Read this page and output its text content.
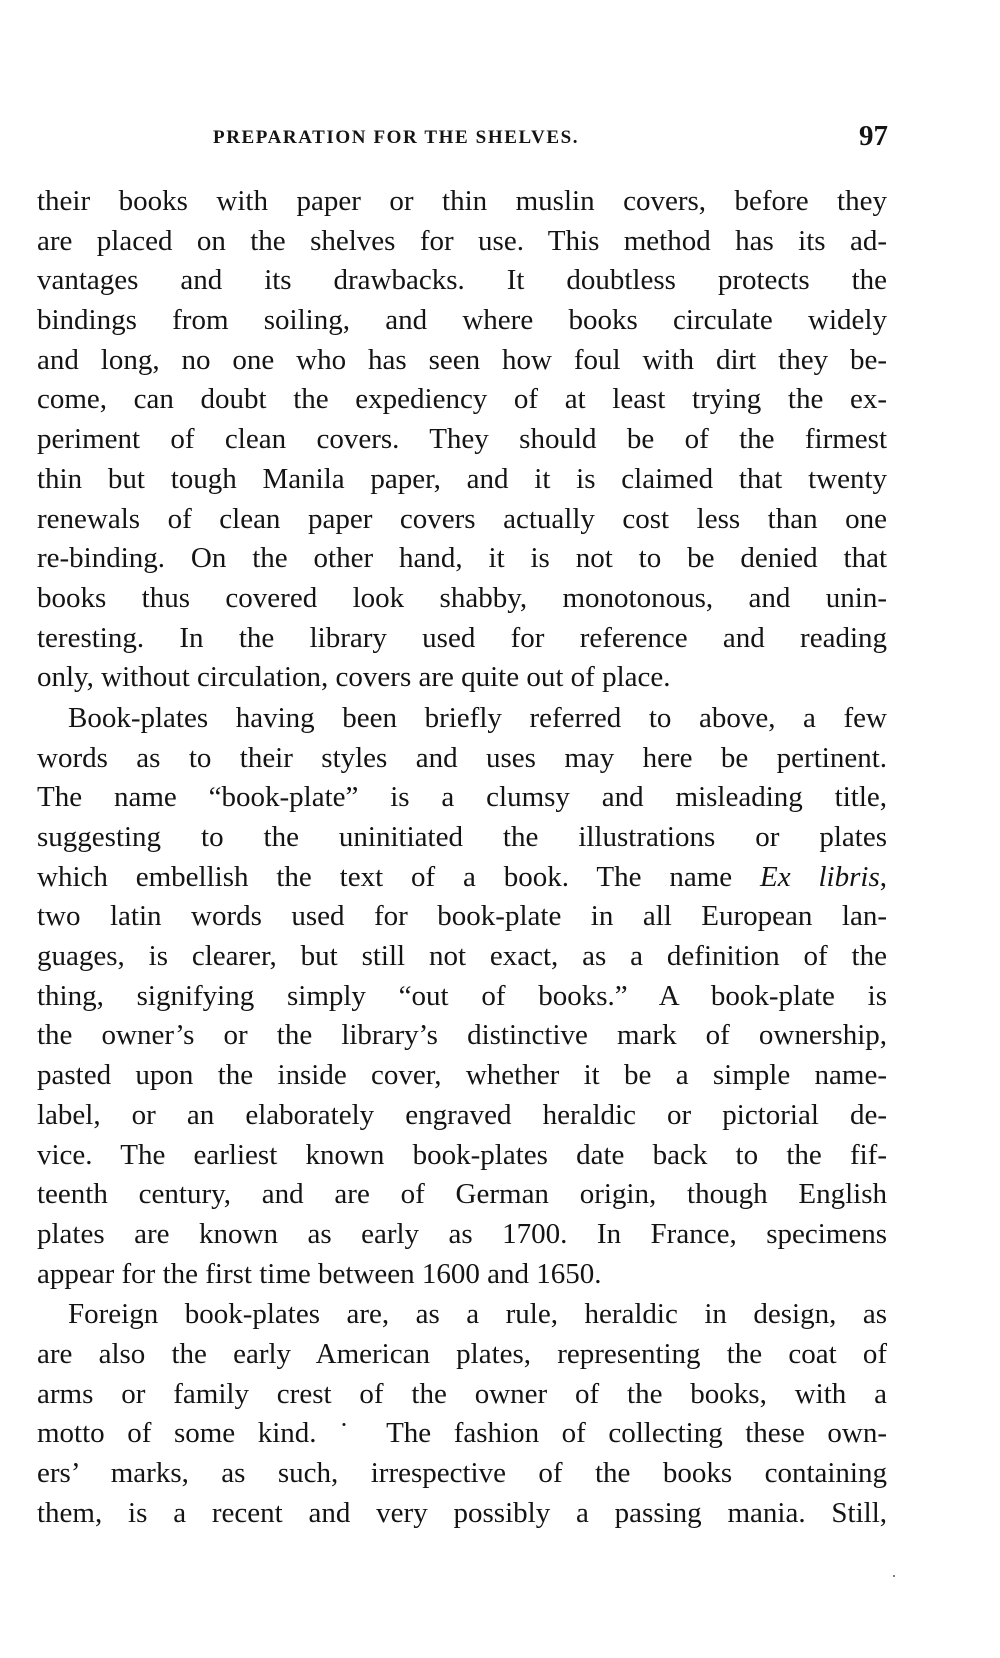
PREPARATION FOR THE SHELVES.	97
their books with paper or thin muslin covers, before they
are placed on the shelves for use. This method has its ad-
vantages and its drawbacks. It doubtless protects the
bindings from soiling, and where books circulate widely
and long, no one who has seen how foul with dirt they be-
come, can doubt the expediency of at least trying the ex-
periment of clean covers. They should be of the firmest
thin but tough Manila paper, and it is claimed that twenty
renewals of clean paper covers actually cost less than one
re-binding. On the other hand, it is not to be denied that
books thus covered look shabby, monotonous, and unin-
teresting. In the library used for reference and reading
only, without circulation, covers are quite out of place.
Book-plates having been briefly referred to above, a few
words as to their styles and uses may here be pertinent.
The name “book-plate” is a clumsy and misleading title,
suggesting to the uninitiated the illustrations or plates
which embellish the text of a book. The name Ex libris,
two latin words used for book-plate in all European lan-
guages, is clearer, but still not exact, as a definition of the
thing, signifying simply “out of books.” A book-plate is
the owner’s or the library’s distinctive mark of ownership,
pasted upon the inside cover, whether it be a simple name-
label, or an elaborately engraved heraldic or pictorial de-
vice. The earliest known book-plates date back to the fif-
teenth century, and are of German origin, though English
plates are known as early as 1700. In France, specimens
appear for the first time between 1600 and 1650.
Foreign book-plates are, as a rule, heraldic in design, as
are also the early American plates, representing the coat of
arms or family crest of the owner of the books, with a
motto of some kind. ˙ The fashion of collecting these own-
ers’ marks, as such, irrespective of the books containing
them, is a recent and very possibly a passing mania. Still,
